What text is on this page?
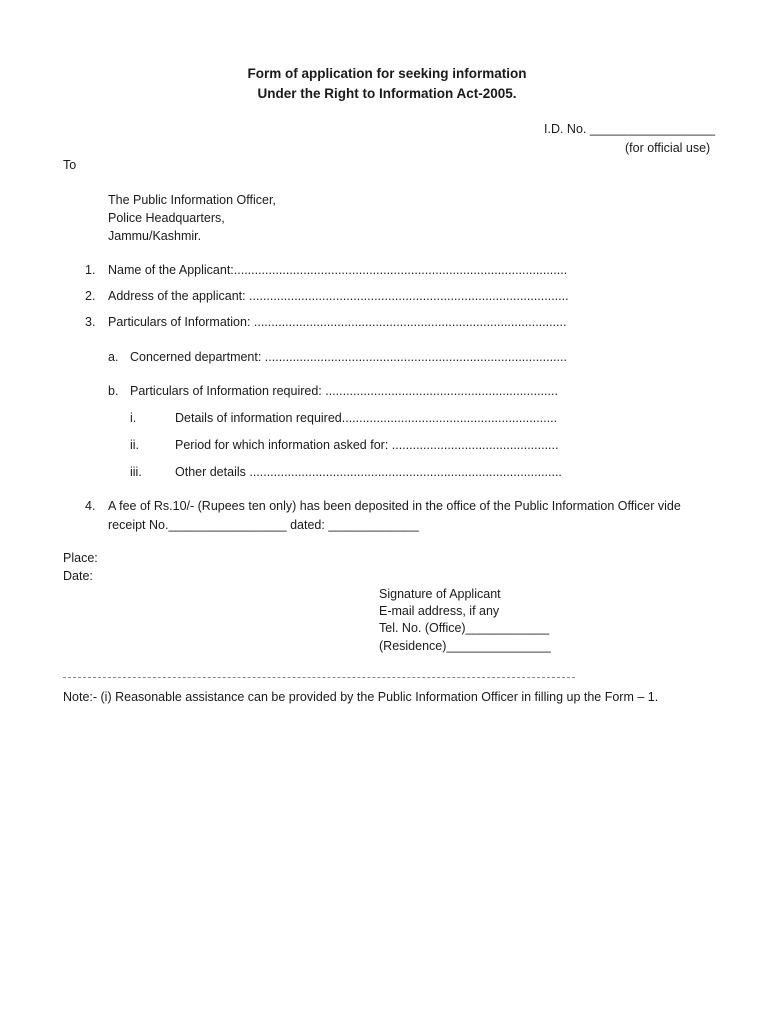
Form of application for seeking information
Under the Right to Information Act-2005.
I.D. No. __________________
(for official use)
To
The Public Information Officer,
Police Headquarters,
Jammu/Kashmir.
1. Name of the Applicant:................................................................................................
2. Address of the applicant: ............................................................................................
3. Particulars of Information: ..........................................................................................
a. Concerned department: .......................................................................................
b. Particulars of Information required: ...................................................................
i.	Details of information required..............................................................
ii.	Period for which information asked for: ................................................
iii.	Other details ..........................................................................................
4. A fee of Rs.10/- (Rupees ten only) has been deposited in the office of the Public Information Officer vide
receipt No._________________ dated: _____________
Place:
Date:
Signature of Applicant
E-mail address, if any
Tel. No. (Office)____________
(Residence)_______________
Note:- (i) Reasonable assistance can be provided by the Public Information Officer in filling up the Form – 1.
